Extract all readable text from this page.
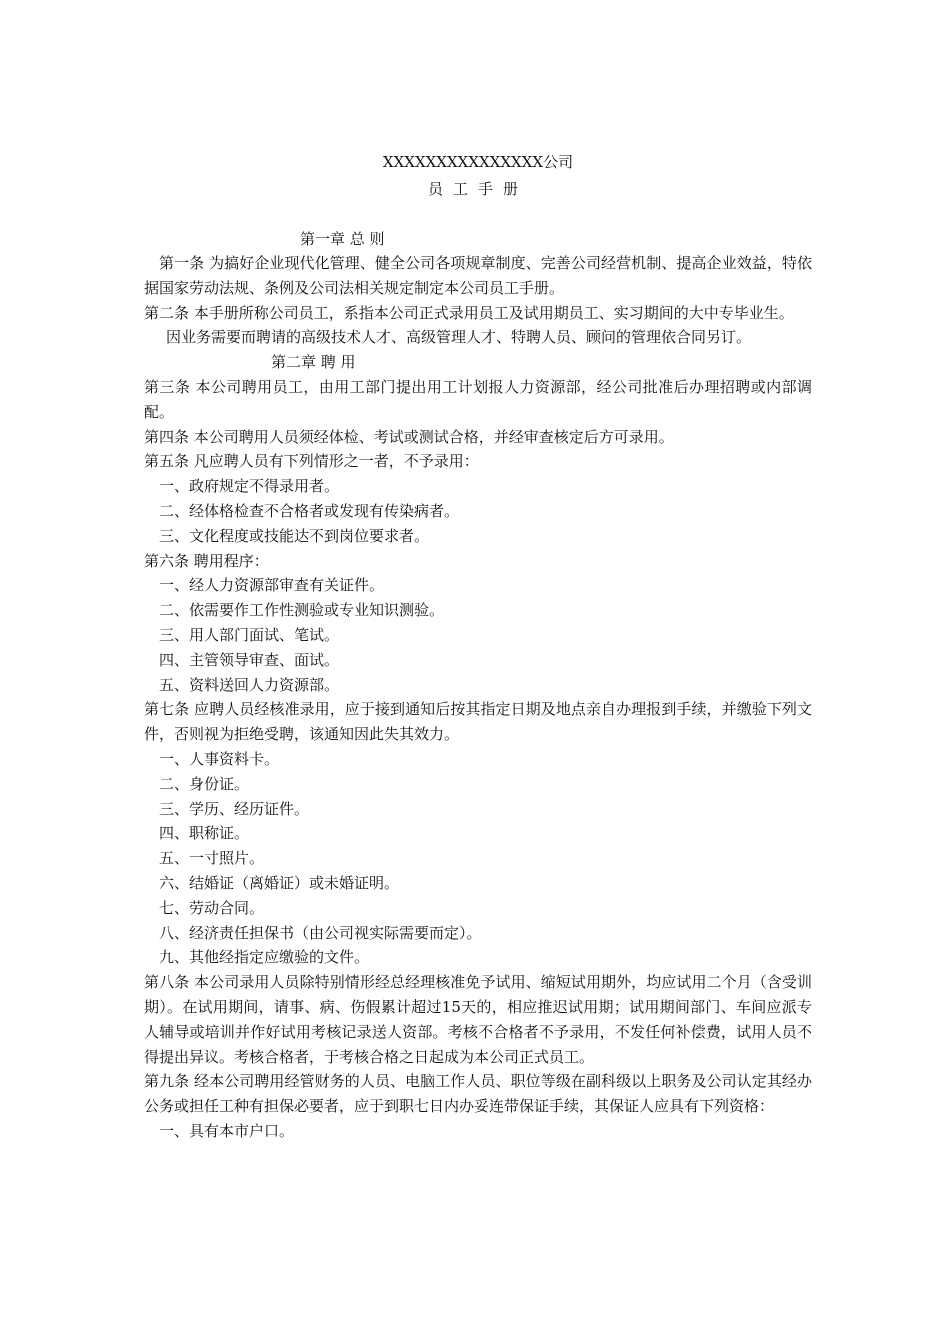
XXXXXXXXXXXXXXX公司
员工手册
第一章 总 则

第一条 为搞好企业现代化管理、健全公司各项规章制度、完善公司经营机制、提高企业效益，特依据国家劳动法规、条例及公司法相关规定制定本公司员工手册。

第二条 本手册所称公司员工，系指本公司正式录用员工及试用期员工、实习期间的大中专毕业生。

因业务需要而聘请的高级技术人才、高级管理人才、特聘人员、顾问的管理依合同另订。

第二章 聘 用

第三条 本公司聘用员工，由用工部门提出用工计划报人力资源部，经公司批准后办理招聘或内部调配。

第四条 本公司聘用人员须经体检、考试或测试合格，并经审查核定后方可录用。

第五条 凡应聘人员有下列情形之一者，不予录用：

一、政府规定不得录用者。

二、经体格检查不合格者或发现有传染病者。

三、文化程度或技能达不到岗位要求者。

第六条 聘用程序：

一、经人力资源部审查有关证件。

二、依需要作工作性测验或专业知识测验。

三、用人部门面试、笔试。

四、主管领导审查、面试。

五、资料送回人力资源部。

第七条 应聘人员经核准录用，应于接到通知后按其指定日期及地点亲自办理报到手续，并缴验下列文件，否则视为拒绝受聘，该通知因此失其效力。

一、人事资料卡。

二、身份证。

三、学历、经历证件。

四、职称证。

五、一寸照片。

六、结婚证（离婚证）或未婚证明。

七、劳动合同。

八、经济责任担保书（由公司视实际需要而定）。

九、其他经指定应缴验的文件。

第八条 本公司录用人员除特别情形经总经理核准免予试用、缩短试用期外，均应试用二个月（含受训期）。在试用期间，请事、病、伤假累计超过15天的，相应推迟试用期；试用期间部门、车间应派专人辅导或培训并作好试用考核记录送人资部。考核不合格者不予录用，不发任何补偿费，试用人员不得提出异议。考核合格者，于考核合格之日起成为本公司正式员工。

第九条 经本公司聘用经管财务的人员、电脑工作人员、职位等级在副科级以上职务及公司认定其经办公务或担任工种有担保必要者，应于到职七日内办妥连带保证手续，其保证人应具有下列资格：

一、具有本市户口。
